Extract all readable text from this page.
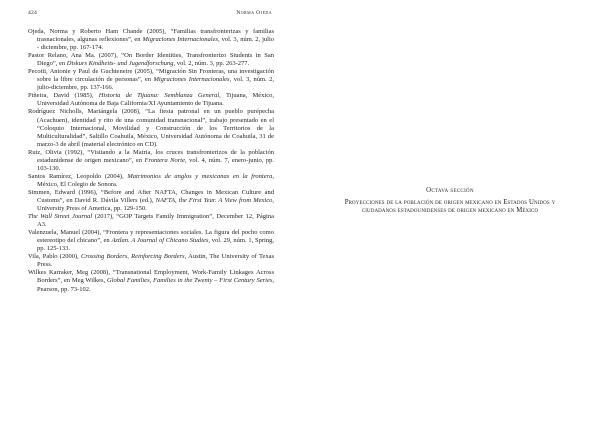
424	Norma Ojeda
Ojeda, Norma y Roberto Ham Chande (2005), “Familias transfronterizas y familias trasnacionales, algunas reflexiones”, en Migraciones Internacionales, vol. 3, núm. 2, julio - diciembre, pp. 167-174.
Pastor Relano, Ana Ma. (2007), “On Border Identities, Transfronterizo Students in San Diego”, en Diskurs Kindheits- und Jugendforschung, vol. 2, núm. 3, pp. 263-277.
Pecotti, Antonie y Paul de Guchteneire (2005), “Migración Sin Fronteras, una investigación sobre la libre circulación de personas”, en Migraciones Internacionales, vol. 3, núm. 2, julio-diciembre, pp. 137-166.
Piñeira, David (1985), Historia de Tijuana: Semblanza General, Tijuana, México, Universidad Autónoma de Baja California/XI Ayuntamiento de Tijuana.
Rodríguez Nicholls, Mariángela (2008), “La fiesta patronal en un pueblo purépecha (Acachuen), identidad y rito de una comunidad transnacional”, trabajo presentado en el “Coloquio Internacional, Movilidad y Construcción de los Territorios de la Multiculturalidad”, Saltillo Coahuila, México, Universidad Autónoma de Coahuila, 31 de marzo-3 de abril (material electrónico en CD).
Ruiz, Olivia (1992), “Visitando a la Matria, los cruces transfronterizos de la población estadunidense de origen mexicano”, en Frontera Norte, vol. 4, núm. 7, enero-junio, pp. 103-130.
Santos Ramírez, Leopoldo (2004), Matrimonios de anglos y mexicanas en la frontera, México, El Colegio de Sonora.
Simmen, Edward (1996), “Before and After NAFTA, Changes in Mexican Culture and Customs”, en David R. Dávila Villers (ed.), NAFTA, the First Year. A View from Mexico, University Press of America, pp. 129-150.
The Wall Street Journal (2017), “GOP Targets Family Immigration”, December 12, Página A3.
Valenzuela, Manuel (2004), “Frontera y representaciones sociales. La figura del pocho como estereotipo del chicano”, en Aztlan. A Journal of Chicano Studies, vol. 29, núm. 1, Spring, pp. 125-133.
Vila, Pablo (2000), Crossing Borders, Reinforcing Borders, Austin, The University of Texas Press.
Wilkes Karraker, Meg (2008), “Transnational Employment, Work-Family Linkages Across Borders”, en Meg Wilkes, Global Families, Families in the Twenty – First Century Series, Pearson, pp. 73-102.
Octava sección
Proyecciones de la población de origen mexicano en Estados Unidos y ciudadanos estadounidenses de origen mexicano en México
